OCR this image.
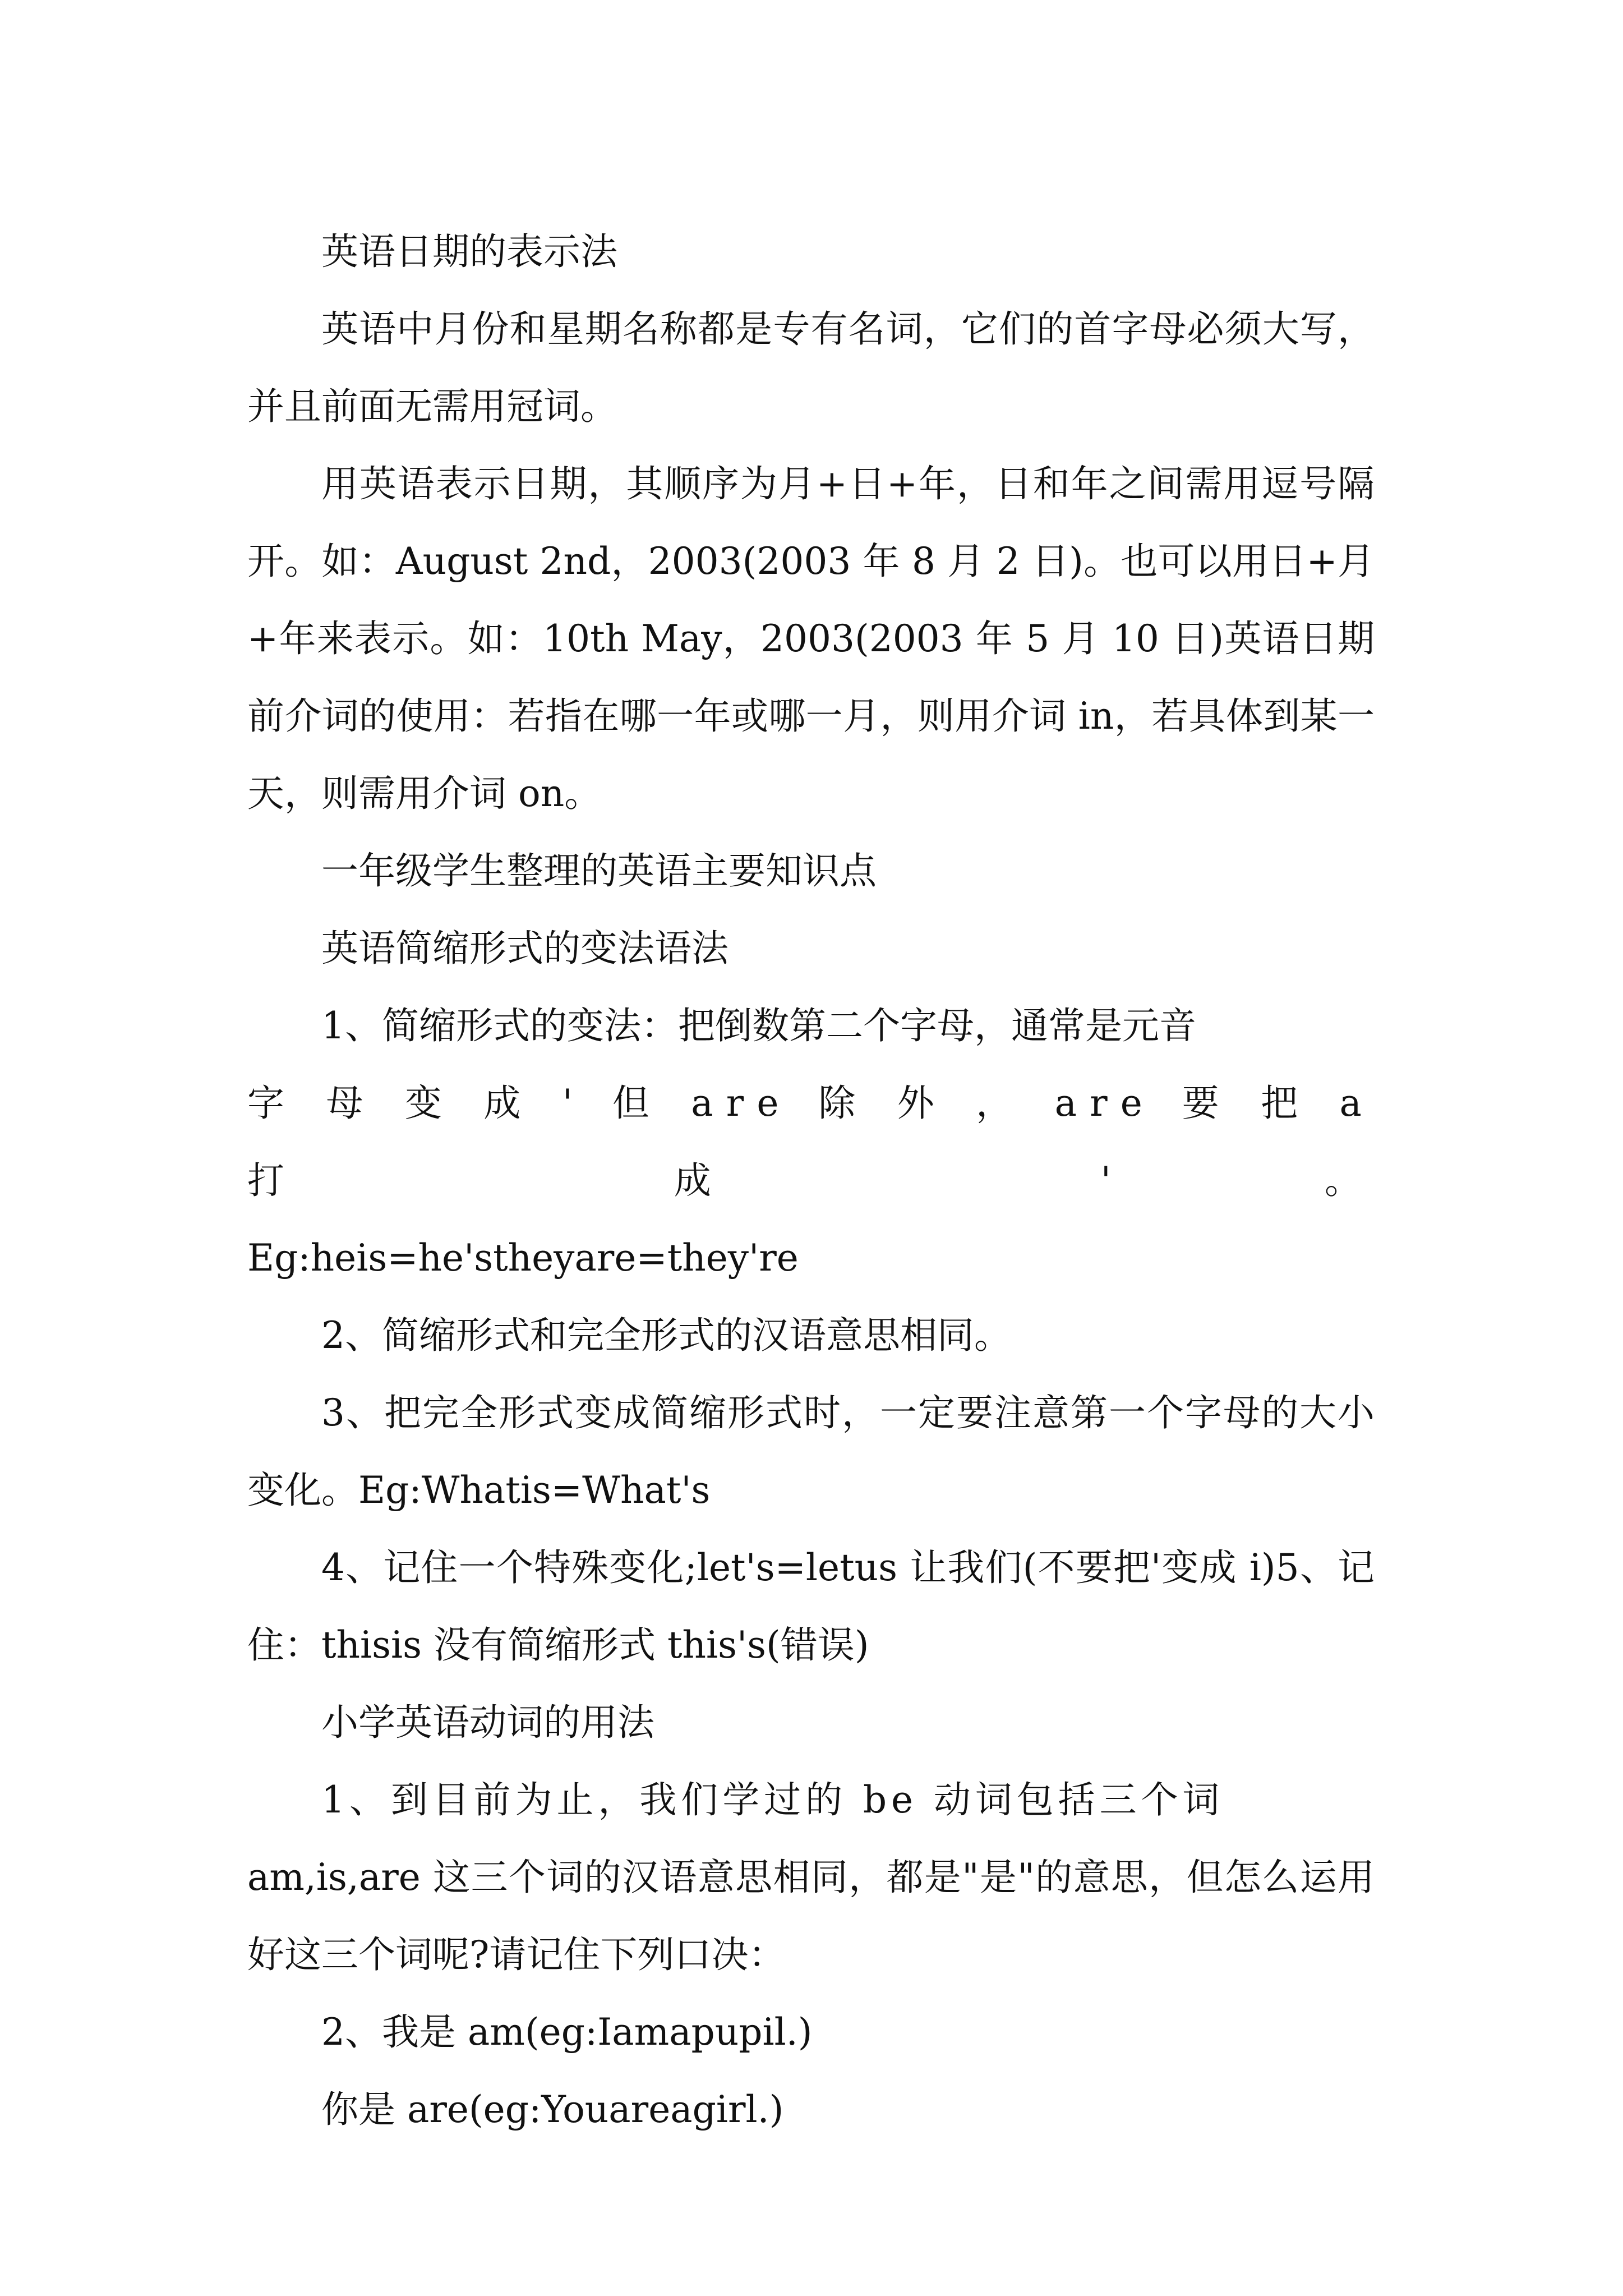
英语日期的表示法

英语中月份和星期名称都是专有名词，它们的首字母必须大写，并且前面无需用冠词。

用英语表示日期，其顺序为月+日+年，日和年之间需用逗号隔开。如：August 2nd，2003(2003 年 8 月 2 日)。也可以用日+月+年来表示。如：10th May，2003(2003 年 5 月 10 日)英语日期前介词的使用：若指在哪一年或哪一月，则用介词 in，若具体到某一天，则需用介词 on。

一年级学生整理的英语主要知识点

英语简缩形式的变法语法

1、简缩形式的变法：把倒数第二个字母，通常是元音

字 母 变 成 ' 但 are 除 外 ， are 要 把 a 打 成 ' 。

Eg:heis=he'stheyare=they're

2、简缩形式和完全形式的汉语意思相同。

3、把完全形式变成简缩形式时，一定要注意第一个字母的大小变化。Eg:Whatis=What's

4、记住一个特殊变化;let's=letus 让我们(不要把'变成 i)5、记住：thisis 没有简缩形式 this's(错误)

小学英语动词的用法

1、到目前为止，我们学过的 be 动词包括三个词

am,is,are 这三个词的汉语意思相同，都是"是"的意思，但怎么运用好这三个词呢?请记住下列口决：

2、我是 am(eg:Iamapupil.)

你是 are(eg:Youareagirl.)
